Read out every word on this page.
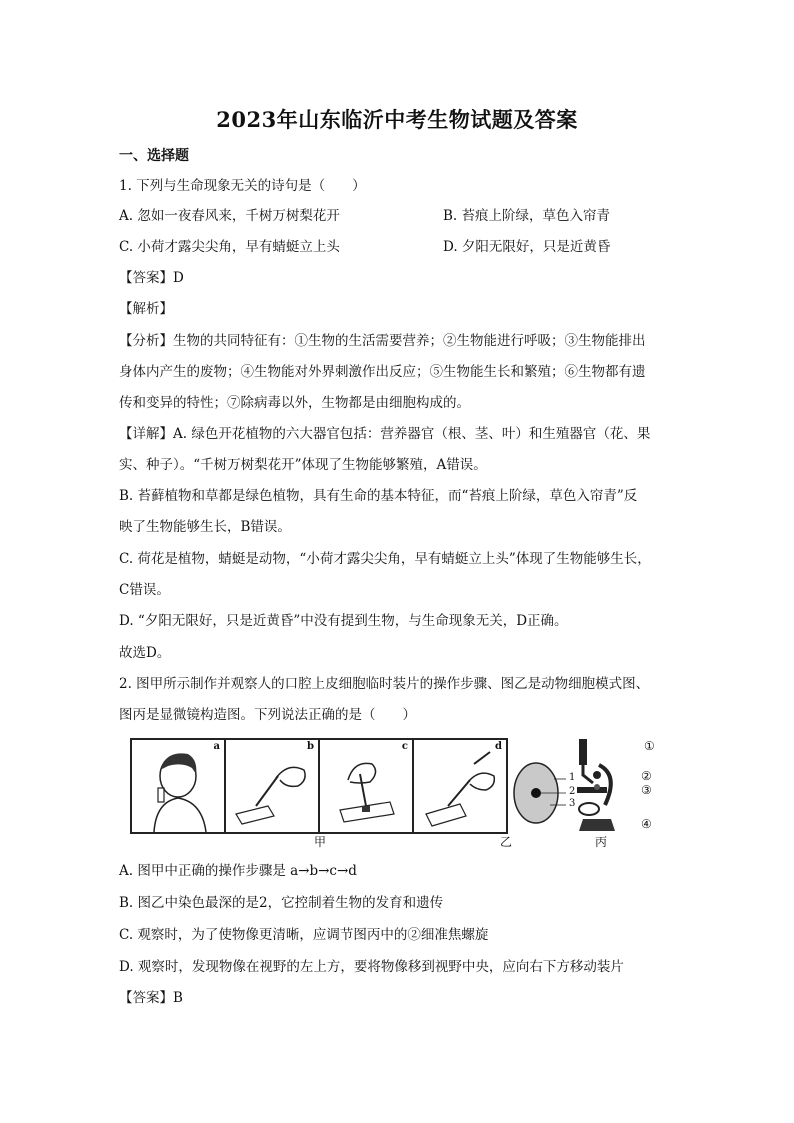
2023年山东临沂中考生物试题及答案
一、选择题
1. 下列与生命现象无关的诗句是（　　）
A. 忽如一夜春风来，千树万树梨花开	B. 苔痕上阶绿，草色入帘青
C. 小荷才露尖尖角，早有蜻蜓立上头	D. 夕阳无限好，只是近黄昏
【答案】D
【解析】
【分析】生物的共同特征有：①生物的生活需要营养；②生物能进行呼吸；③生物能排出
身体内产生的废物；④生物能对外界刺激作出反应；⑤生物能生长和繁殖；⑥生物都有遗
传和变异的特性；⑦除病毒以外，生物都是由细胞构成的。
【详解】A. 绿色开花植物的六大器官包括：营养器官（根、茎、叶）和生殖器官（花、果
实、种子）。“千树万树梨花开”体现了生物能够繁殖，A错误。
B. 苔藓植物和草都是绿色植物，具有生命的基本特征，而“苔痕上阶绿，草色入帘青”反
映了生物能够生长，B错误。
C. 荷花是植物，蜻蜓是动物，“小荷才露尖尖角，早有蜻蜓立上头”体现了生物能够生长，
C错误。
D. “夕阳无限好，只是近黄昏”中没有提到生物，与生命现象无关，D正确。
故选D。
2. 图甲所示制作并观察人的口腔上皮细胞临时装片的操作步骤、图乙是动物细胞模式图、
图丙是显微镜构造图。下列说法正确的是（　　）
a	b	c	d
甲
1
2
3
乙
①
②
③
④
丙
A. 图甲中正确的操作步骤是 a→b→c→d
B. 图乙中染色最深的是2，它控制着生物的发育和遗传
C. 观察时，为了使物像更清晰，应调节图丙中的②细准焦螺旋
D. 观察时，发现物像在视野的左上方，要将物像移到视野中央，应向右下方移动装片
【答案】B
